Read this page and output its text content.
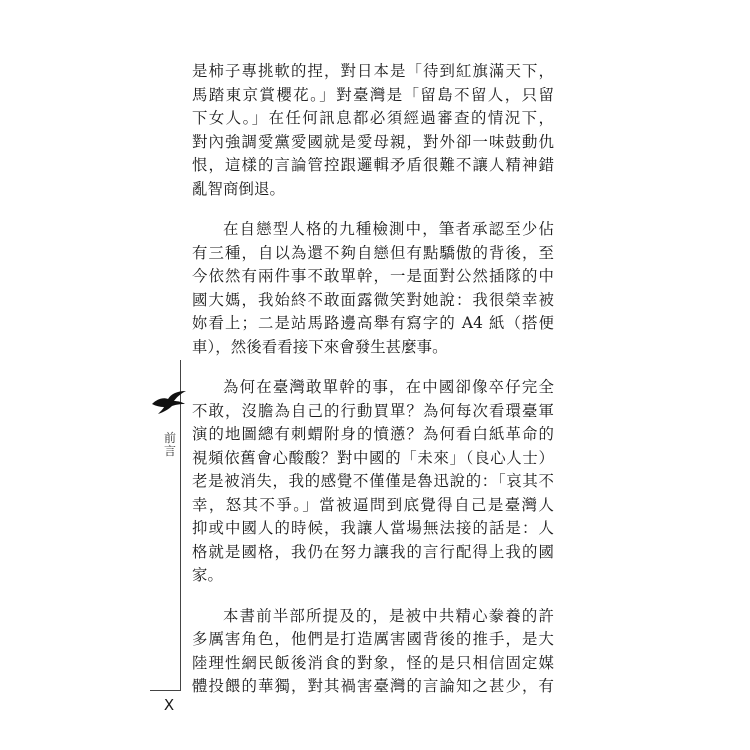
是柿子專挑軟的捏，對日本是「待到紅旗滿天下，
馬踏東京賞櫻花。」對臺灣是「留島不留人，只留
下女人。」在任何訊息都必須經過審查的情況下，
對內強調愛黨愛國就是愛母親，對外卻一味鼓動仇
恨，這樣的言論管控跟邏輯矛盾很難不讓人精神錯
亂智商倒退。

在自戀型人格的九種檢測中，筆者承認至少佔
有三種，自以為還不夠自戀但有點驕傲的背後，至
今依然有兩件事不敢單幹，一是面對公然插隊的中
國大媽，我始終不敢面露微笑對她說：我很榮幸被
妳看上；二是站馬路邊高舉有寫字的 A4 紙（搭便
車），然後看看接下來會發生甚麼事。

為何在臺灣敢單幹的事，在中國卻像卒仔完全
不敢，沒膽為自己的行動買單？為何每次看環臺軍
演的地圖總有刺蝟附身的憤懣？為何看白紙革命的
視頻依舊會心酸酸？對中國的「未來」（良心人士）
老是被消失，我的感覺不僅僅是魯迅說的：「哀其不
幸，怒其不爭。」當被逼問到底覺得自己是臺灣人
抑或中國人的時候，我讓人當場無法接的話是：人
格就是國格，我仍在努力讓我的言行配得上我的國
家。

本書前半部所提及的，是被中共精心豢養的許
多厲害角色，他們是打造厲害國背後的推手，是大
陸理性網民飯後消食的對象，怪的是只相信固定媒
體投餵的華獨，對其禍害臺灣的言論知之甚少，有

前
言
X
